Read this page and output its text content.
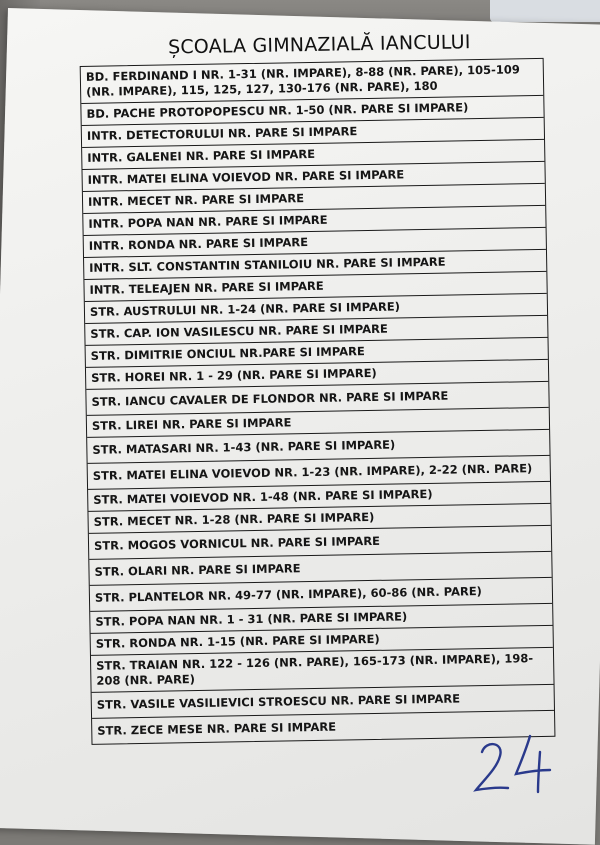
ȘCOALA GIMNAZIALĂ IANCULUI
BD. FERDINAND I NR. 1-31 (NR. IMPARE), 8-88 (NR. PARE), 105-109 (NR. IMPARE), 115, 125, 127, 130-176 (NR. PARE), 180
BD. PACHE PROTOPOPESCU NR. 1-50 (NR. PARE SI IMPARE)
INTR. DETECTORULUI NR. PARE SI IMPARE
INTR. GALENEI NR. PARE SI IMPARE
INTR. MATEI ELINA VOIEVOD NR. PARE SI IMPARE
INTR. MECET NR. PARE SI IMPARE
INTR. POPA NAN NR. PARE SI IMPARE
INTR. RONDA NR. PARE SI IMPARE
INTR. SLT. CONSTANTIN STANILOIU NR. PARE SI IMPARE
INTR. TELEAJEN NR. PARE SI IMPARE
STR. AUSTRULUI NR. 1-24 (NR. PARE SI IMPARE)
STR. CAP. ION VASILESCU NR. PARE SI IMPARE
STR. DIMITRIE ONCIUL NR.PARE SI IMPARE
STR. HOREI NR. 1 - 29 (NR. PARE SI IMPARE)
STR. IANCU CAVALER DE FLONDOR NR. PARE SI IMPARE
STR. LIREI NR. PARE SI IMPARE
STR. MATASARI NR. 1-43 (NR. PARE SI IMPARE)
STR. MATEI ELINA VOIEVOD NR. 1-23 (NR. IMPARE), 2-22 (NR. PARE)
STR. MATEI VOIEVOD NR. 1-48 (NR. PARE SI IMPARE)
STR. MECET NR. 1-28 (NR. PARE SI IMPARE)
STR. MOGOS VORNICUL NR. PARE SI IMPARE
STR. OLARI NR. PARE SI IMPARE
STR. PLANTELOR NR. 49-77 (NR. IMPARE), 60-86 (NR. PARE)
STR. POPA NAN NR. 1 - 31 (NR. PARE SI IMPARE)
STR. RONDA NR. 1-15 (NR. PARE SI IMPARE)
STR. TRAIAN NR. 122 - 126 (NR. PARE), 165-173 (NR. IMPARE), 198-208 (NR. PARE)
STR. VASILE VASILIEVICI STROESCU NR. PARE SI IMPARE
STR. ZECE MESE NR. PARE SI IMPARE
